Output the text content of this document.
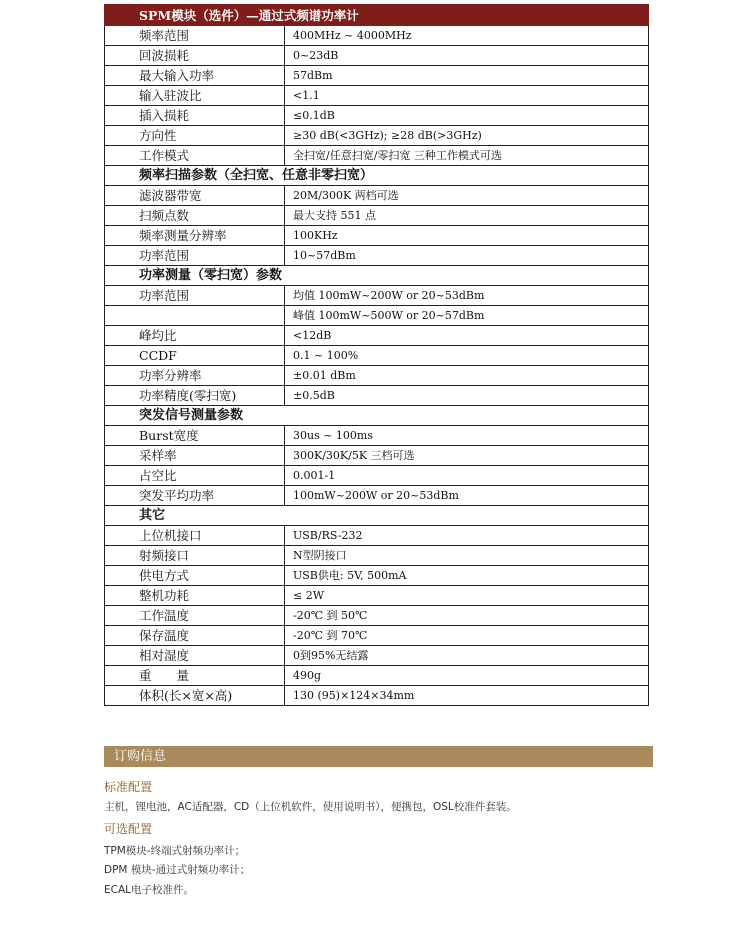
SPM模块（选件）—通过式频谱功率计	
频率范围	400MHz ~ 4000MHz
回波损耗	0~23dB
最大输入功率	57dBm
输入驻波比	<1.1
插入损耗	≤0.1dB
方向性	≥30 dB(<3GHz); ≥28 dB(>3GHz)
工作模式	全扫宽/任意扫宽/零扫宽 三种工作模式可选
频率扫描参数（全扫宽、任意非零扫宽）	
滤波器带宽	20M/300K 两档可选
扫频点数	最大支持 551 点
频率测量分辨率	100KHz
功率范围	10~57dBm
功率测量（零扫宽）参数	
功率范围	均值 100mW~200W or 20~53dBm
	峰值 100mW~500W or 20~57dBm
峰均比	<12dB
CCDF	0.1 ~ 100%
功率分辨率	±0.01 dBm
功率精度(零扫宽)	±0.5dB
突发信号测量参数	
Burst宽度	30us ~ 100ms
采样率	300K/30K/5K 三档可选
占空比	0.001-1
突发平均功率	100mW~200W or 20~53dBm
其它	
上位机接口	USB/RS-232
射频接口	N型阴接口
供电方式	USB供电: 5V, 500mA
整机功耗	≤ 2W
工作温度	-20℃ 到 50℃
保存温度	-20℃ 到 70℃
相对湿度	0到95%无结露
重　　量	490g
体积(长×宽×高)	130 (95)×124×34mm
订购信息
标准配置
主机，锂电池，AC适配器，CD（上位机软件，使用说明书），便携包，OSL校准件套装。
可选配置
TPM模块-终端式射频功率计；
DPM 模块-通过式射频功率计；
ECAL电子校准件。
